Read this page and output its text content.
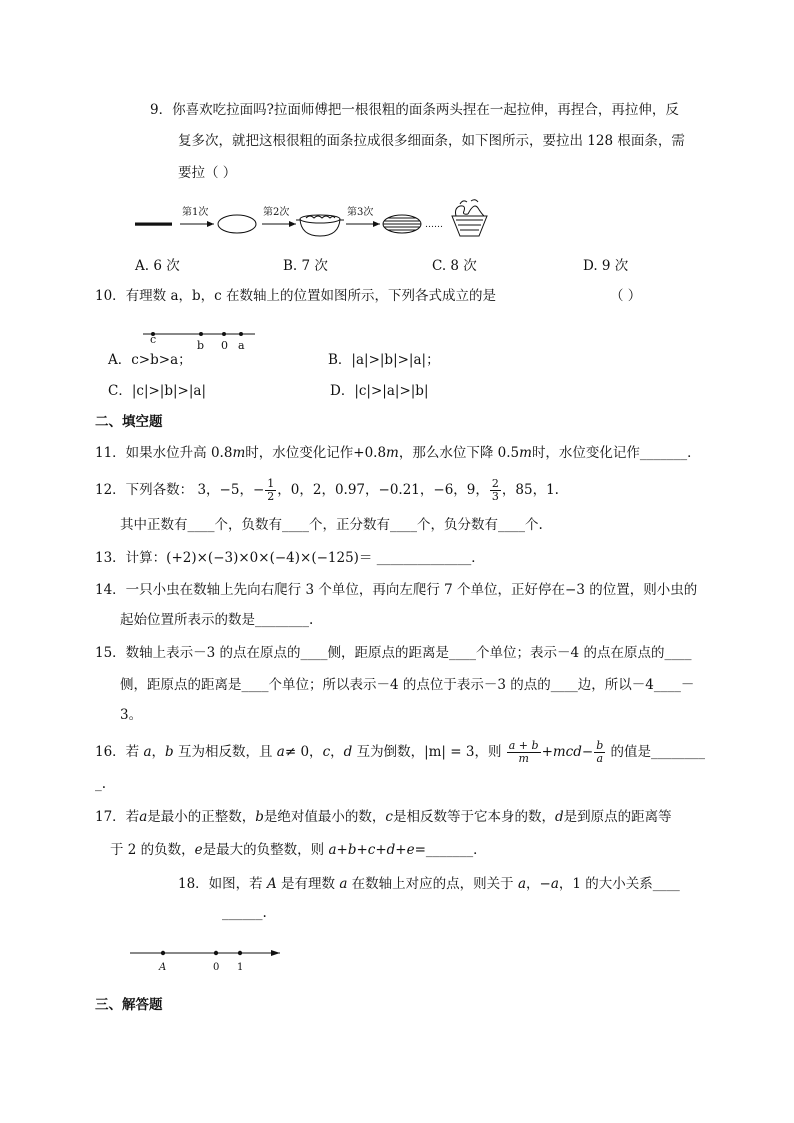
9．你喜欢吃拉面吗?拉面师傅把一根很粗的面条两头捏在一起拉伸，再捏合，再拉伸，反
复多次，就把这根很粗的面条拉成很多细面条，如下图所示，要拉出 128 根面条，需
要拉（ ）
第1次	第2次	第3次
……
A. 6 次	B. 7 次	C. 8 次	D. 9 次
10．有理数 a，b，c 在数轴上的位置如图所示，下列各式成立的是	（ ）
c	b 0 a
A．c>b>a；	B．|a|>|b|>|a|；
C．|c|>|b|>|a|	D．|c|>|a|>|b|
二、填空题
11．如果水位升高 0.8m时，水位变化记作+0.8m，那么水位下降 0.5m时，水位变化记作_______．
12．下列各数： 3，−5，− $\frac{1}{2}$ ，0，2，0.97，−0.21，−6，9， $\frac{2}{3}$ ，85，1.
其中正数有____个，负数有____个，正分数有____个，负分数有____个.
13．计算：(+2)×(−3)×0×(−4)×(−125)＝ ______________．
14．一只小虫在数轴上先向右爬行 3 个单位，再向左爬行 7 个单位，正好停在−3 的位置，则小虫的
起始位置所表示的数是________.
15．数轴上表示－3 的点在原点的____侧，距原点的距离是____个单位；表示－4 的点在原点的____
侧，距原点的距离是____个单位；所以表示－4 的点位于表示－3 的点的____边，所以－4____－
3。
16．若 a，b 互为相反数，且 a≠ 0，c，d 互为倒数，|m| = 3，则 $\frac{a + b}{m} +mcd- \frac{b}{a}$ 的值是________
_.
17．若a是最小的正整数，b是绝对值最小的数，c是相反数等于它本身的数，d是到原点的距离等
于 2 的负数，e是最大的负整数，则 a+b+c+d+e=_______．
18．如图，若 A 是有理数 a 在数轴上对应的点，则关于 a，−a，1 的大小关系____
______.
A	0 1
三、解答题
